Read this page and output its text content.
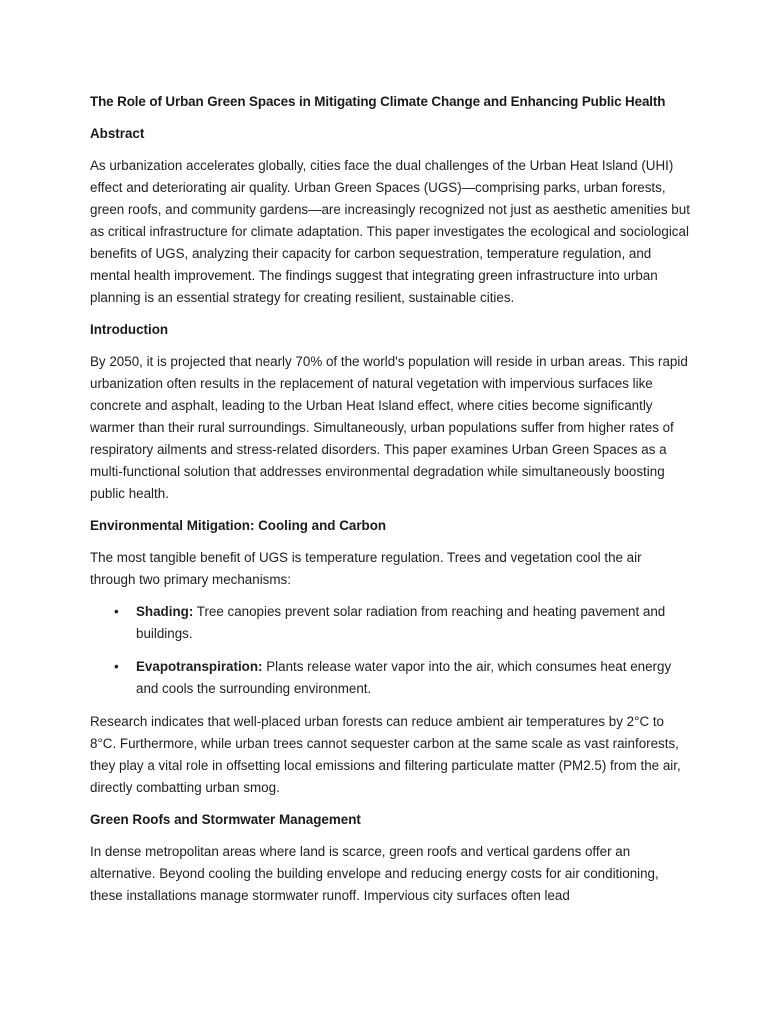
The Role of Urban Green Spaces in Mitigating Climate Change and Enhancing Public Health
Abstract

As urbanization accelerates globally, cities face the dual challenges of the Urban Heat Island (UHI) effect and deteriorating air quality. Urban Green Spaces (UGS)—comprising parks, urban forests, green roofs, and community gardens—are increasingly recognized not just as aesthetic amenities but as critical infrastructure for climate adaptation. This paper investigates the ecological and sociological benefits of UGS, analyzing their capacity for carbon sequestration, temperature regulation, and mental health improvement. The findings suggest that integrating green infrastructure into urban planning is an essential strategy for creating resilient, sustainable cities.

Introduction

By 2050, it is projected that nearly 70% of the world's population will reside in urban areas. This rapid urbanization often results in the replacement of natural vegetation with impervious surfaces like concrete and asphalt, leading to the Urban Heat Island effect, where cities become significantly warmer than their rural surroundings. Simultaneously, urban populations suffer from higher rates of respiratory ailments and stress-related disorders. This paper examines Urban Green Spaces as a multi-functional solution that addresses environmental degradation while simultaneously boosting public health.

Environmental Mitigation: Cooling and Carbon

The most tangible benefit of UGS is temperature regulation. Trees and vegetation cool the air through two primary mechanisms:

• Shading: Tree canopies prevent solar radiation from reaching and heating pavement and buildings.
• Evapotranspiration: Plants release water vapor into the air, which consumes heat energy and cools the surrounding environment.

Research indicates that well-placed urban forests can reduce ambient air temperatures by 2°C to 8°C. Furthermore, while urban trees cannot sequester carbon at the same scale as vast rainforests, they play a vital role in offsetting local emissions and filtering particulate matter (PM2.5) from the air, directly combatting urban smog.

Green Roofs and Stormwater Management

In dense metropolitan areas where land is scarce, green roofs and vertical gardens offer an alternative. Beyond cooling the building envelope and reducing energy costs for air conditioning, these installations manage stormwater runoff. Impervious city surfaces often lead
